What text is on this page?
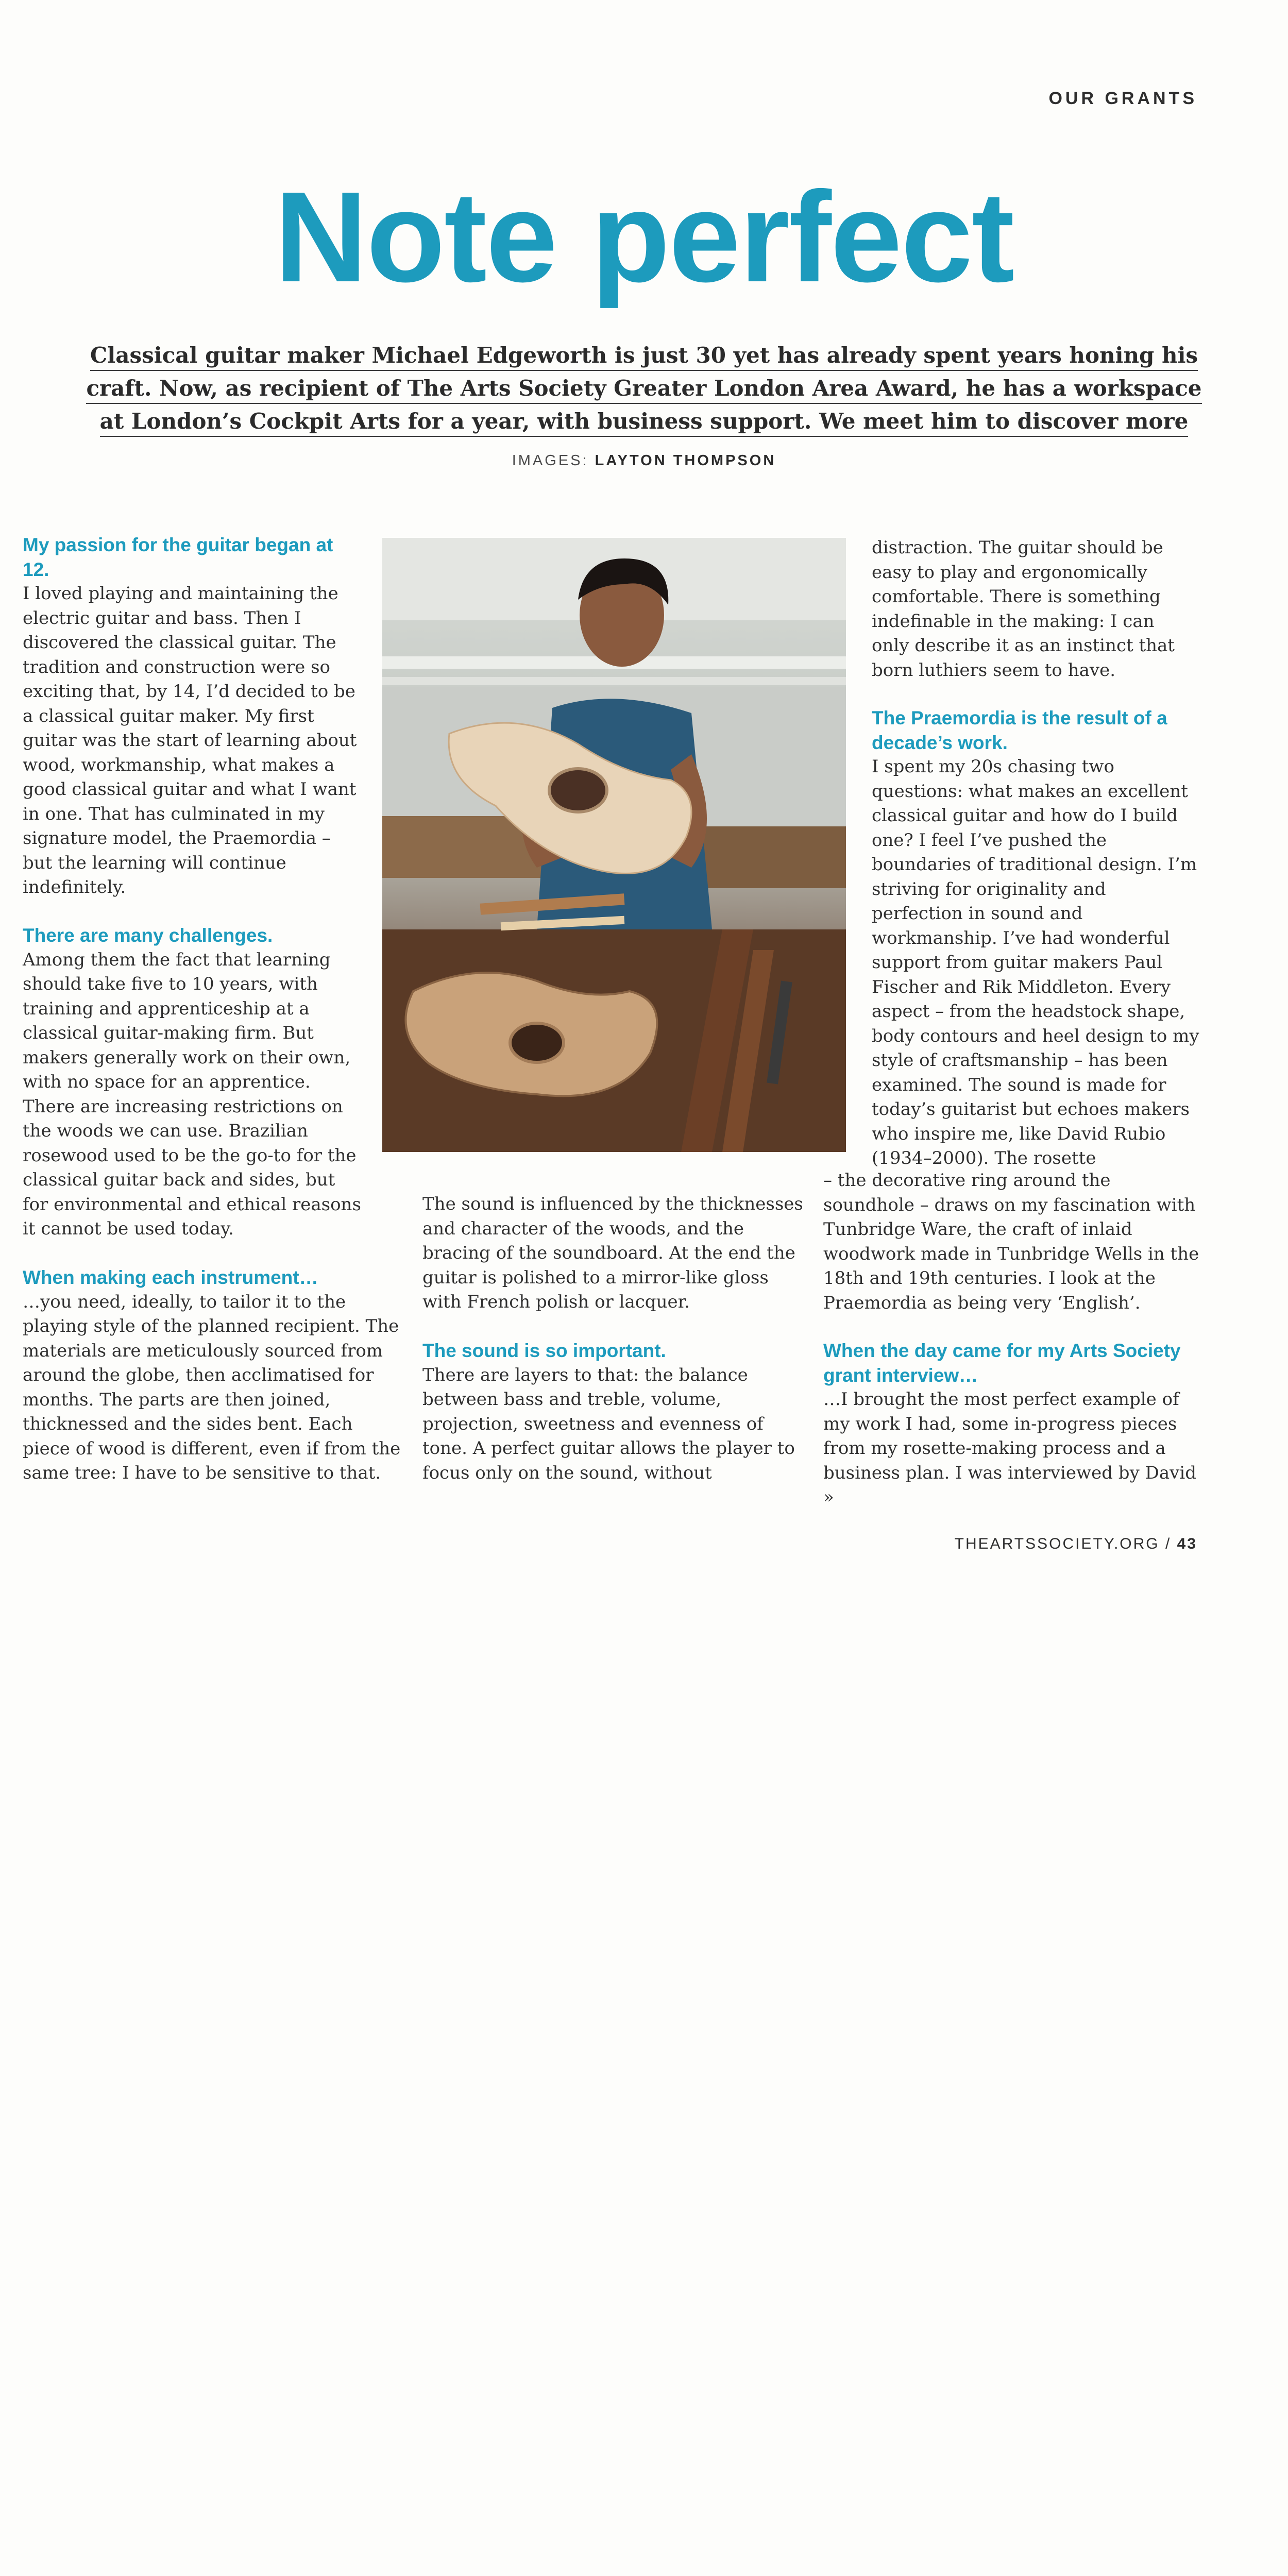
OUR GRANTS
Note perfect
Classical guitar maker Michael Edgeworth is just 30 yet has already spent years honing his
craft. Now, as recipient of The Arts Society Greater London Area Award, he has a workspace
at London’s Cockpit Arts for a year, with business support. We meet him to discover more
IMAGES: LAYTON THOMPSON
My passion for the guitar began at 12.

I loved playing and maintaining the electric guitar and bass. Then I discovered the classical guitar. The tradition and construction were so exciting that, by 14, I’d decided to be a classical guitar maker. My first guitar was the start of learning about wood, workmanship, what makes a good classical guitar and what I want in one. That has culminated in my signature model, the Praemordia – but the learning will continue indefinitely.

There are many challenges.

Among them the fact that learning should take five to 10 years, with training and apprenticeship at a classical guitar-making firm. But makers generally work on their own, with no space for an apprentice. There are increasing restrictions on the woods we can use. Brazilian rosewood used to be the go-to for the classical guitar back and sides, but for environmental and ethical reasons it cannot be used today.

When making each instrument…

…you need, ideally, to tailor it to the playing style of the planned recipient. The materials are meticulously sourced from around the globe, then acclimatised for months. The parts are then joined, thicknessed and the sides bent. Each piece of wood is different, even if from the same tree: I have to be sensitive to that.

The sound is influenced by the thicknesses and character of the woods, and the bracing of the soundboard. At the end the guitar is polished to a mirror-like gloss with French polish or lacquer.

The sound is so important.

There are layers to that: the balance between bass and treble, volume, projection, sweetness and evenness of tone. A perfect guitar allows the player to focus only on the sound, without

distraction. The guitar should be easy to play and ergonomically comfortable. There is something indefinable in the making: I can only describe it as an instinct that born luthiers seem to have.

The Praemordia is the result of a decade’s work.

I spent my 20s chasing two questions: what makes an excellent classical guitar and how do I build one? I feel I’ve pushed the boundaries of traditional design. I’m striving for originality and perfection in sound and workmanship. I’ve had wonderful support from guitar makers Paul Fischer and Rik Middleton. Every aspect – from the headstock shape, body contours and heel design to my style of craftsmanship – has been examined. The sound is made for today’s guitarist but echoes makers who inspire me, like David Rubio (1934–2000). The rosette

– the decorative ring around the soundhole – draws on my fascination with Tunbridge Ware, the craft of inlaid woodwork made in Tunbridge Wells in the 18th and 19th centuries. I look at the Praemordia as being very ‘English’.

When the day came for my Arts Society grant interview…

…I brought the most perfect example of my work I had, some in-progress pieces from my rosette-making process and a business plan. I was interviewed by David »

THEARTSSOCIETY.ORG / 43
